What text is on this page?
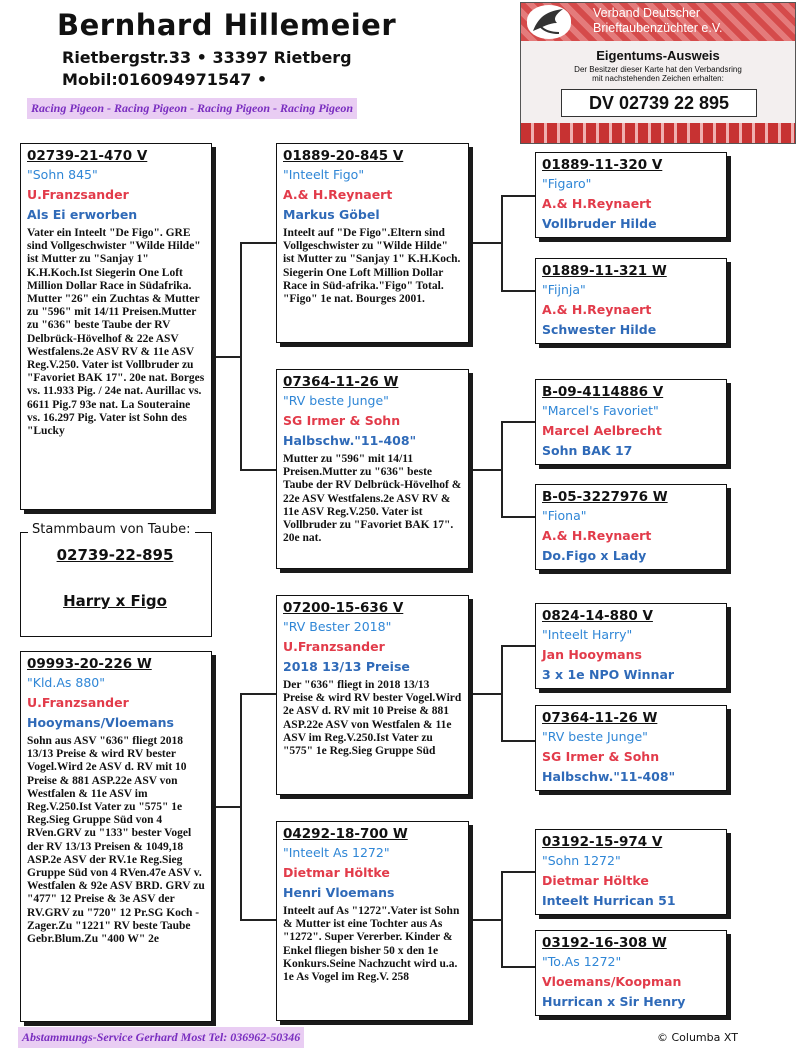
Bernhard Hillemeier
Rietbergstr.33 • 33397 Rietberg
Mobil:016094971547 •
Racing Pigeon - Racing Pigeon - Racing Pigeon - Racing Pigeon
Verband Deutscher
Brieftaubenzüchter e.V.
Eigentums-Ausweis
Der Besitzer dieser Karte hat den Verbandsring
mit nachstehenden Zeichen erhalten:
DV 02739 22 895
02739-21-470 V
"Sohn 845"
U.Franzsander
Als Ei erworben
Vater ein Inteelt "De Figo". GRE sind Vollgeschwister "Wilde Hilde" ist Mutter zu "Sanjay 1" K.H.Koch.Ist Siegerin One Loft Million Dollar Race in Südafrika. Mutter "26" ein Zuchtas & Mutter zu "596" mit 14/11 Preisen.Mutter zu "636" beste Taube der RV Delbrück-Hövelhof & 22e ASV Westfalens.2e ASV RV & 11e ASV Reg.V.250. Vater ist Vollbruder zu "Favoriet BAK 17". 20e nat. Borges vs. 11.933 Pig. / 24e nat. Aurillac vs. 6611 Pig.7 93e nat. La Souteraine vs. 16.297 Pig. Vater ist Sohn des "Lucky
Stammbaum von Taube:
02739-22-895
Harry x Figo
09993-20-226 W
"Kld.As 880"
U.Franzsander
Hooymans/Vloemans
Sohn aus ASV "636" fliegt 2018 13/13 Preise & wird RV bester Vogel.Wird 2e ASV d. RV mit 10 Preise & 881 ASP.22e ASV von Westfalen & 11e ASV im Reg.V.250.Ist Vater zu "575" 1e Reg.Sieg Gruppe Süd von 4 RVen.GRV zu "133" bester Vogel der RV 13/13 Preisen & 1049,18 ASP.2e ASV der RV.1e Reg.Sieg Gruppe Süd von 4 RVen.47e ASV v. Westfalen & 92e ASV BRD. GRV zu "477" 12 Preise & 3e ASV der RV.GRV zu "720" 12 Pr.SG Koch -Zager.Zu "1221" RV beste Taube Gebr.Blum.Zu "400 W" 2e
01889-20-845 V
"Inteelt Figo"
A.& H.Reynaert
Markus Göbel
Inteelt auf "De Figo".Eltern sind Vollgeschwister zu "Wilde Hilde" ist Mutter zu "Sanjay 1" K.H.Koch. Siegerin One Loft Million Dollar Race in Süd-afrika."Figo" Total. "Figo" 1e nat. Bourges 2001.
07364-11-26 W
"RV beste Junge"
SG Irmer & Sohn
Halbschw."11-408"
Mutter zu "596" mit 14/11 Preisen.Mutter zu "636" beste Taube der RV Delbrück-Hövelhof & 22e ASV Westfalens.2e ASV RV & 11e ASV Reg.V.250. Vater ist Vollbruder zu "Favoriet BAK 17". 20e nat.
07200-15-636 V
"RV Bester 2018"
U.Franzsander
2018 13/13 Preise
Der "636" fliegt in 2018 13/13 Preise & wird RV bester Vogel.Wird 2e ASV d. RV mit 10 Preise & 881 ASP.22e ASV von Westfalen & 11e ASV im Reg.V.250.Ist Vater zu "575" 1e Reg.Sieg Gruppe Süd
04292-18-700 W
"Inteelt As 1272"
Dietmar Höltke
Henri Vloemans
Inteelt auf As "1272".Vater ist Sohn & Mutter ist eine Tochter aus As "1272". Super Vererber. Kinder & Enkel fliegen bisher 50 x den 1e Konkurs.Seine Nachzucht wird u.a. 1e As Vogel im Reg.V. 258
01889-11-320 V
"Figaro"
A.& H.Reynaert
Vollbruder Hilde
01889-11-321 W
"Fijnja"
A.& H.Reynaert
Schwester Hilde
B-09-4114886 V
"Marcel's Favoriet"
Marcel Aelbrecht
Sohn BAK 17
B-05-3227976 W
"Fiona"
A.& H.Reynaert
Do.Figo x Lady
0824-14-880 V
"Inteelt Harry"
Jan Hooymans
3 x 1e NPO Winnar
07364-11-26 W
"RV beste Junge"
SG Irmer & Sohn
Halbschw."11-408"
03192-15-974 V
"Sohn 1272"
Dietmar Höltke
Inteelt Hurrican 51
03192-16-308 W
"To.As 1272"
Vloemans/Koopman
Hurrican x Sir Henry
Abstammungs-Service Gerhard Most Tel: 036962-50346	© Columba XT
